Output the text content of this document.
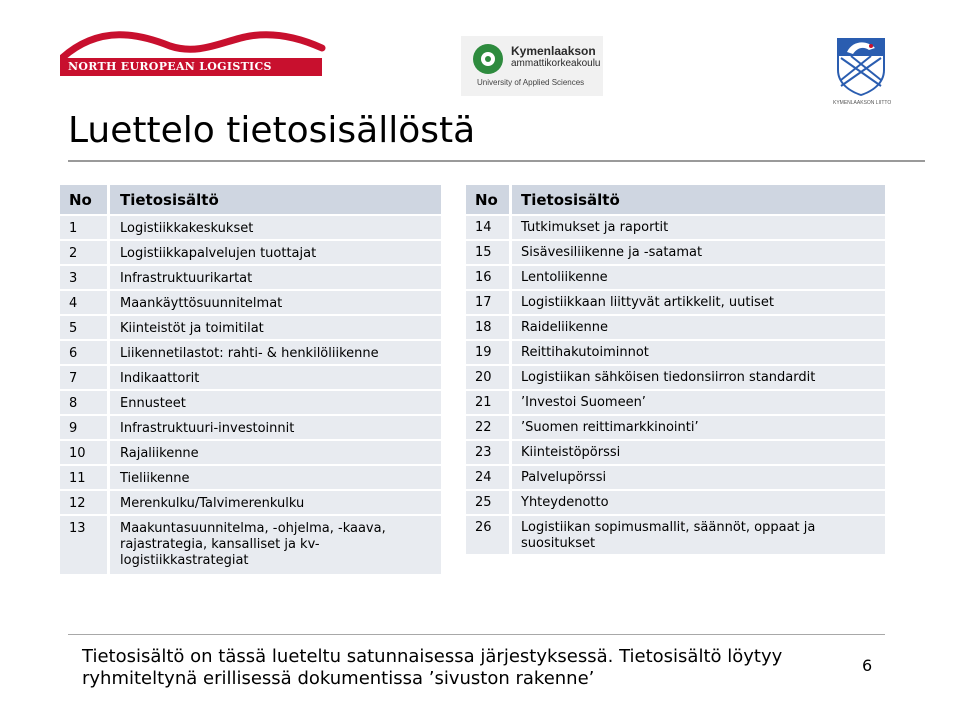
NORTH EUROPEAN LOGISTICS INSTITUTE
Kymenlaakson
ammattikorkeakoulu
University of Applied Sciences
KYMENLAAKSON LIITTO
Luettelo tietosisällöstä
No	Tietosisältö
1	Logistiikkakeskukset
2	Logistiikkapalvelujen tuottajat
3	Infrastruktuurikartat
4	Maankäyttösuunnitelmat
5	Kiinteistöt ja toimitilat
6	Liikennetilastot: rahti- & henkilöliikenne
7	Indikaattorit
8	Ennusteet
9	Infrastruktuuri-investoinnit
10	Rajaliikenne
11	Tieliikenne
12	Merenkulku/Talvimerenkulku
13	Maakuntasuunnitelma, -ohjelma, -kaava, rajastrategia, kansalliset ja kv-logistiikkastrategiat
No	Tietosisältö
14	Tutkimukset ja raportit
15	Sisävesiliikenne ja -satamat
16	Lentoliikenne
17	Logistiikkaan liittyvät artikkelit, uutiset
18	Raideliikenne
19	Reittihakutoiminnot
20	Logistiikan sähköisen tiedonsiirron standardit
21	’Investoi Suomeen’
22	’Suomen reittimarkkinointi’
23	Kiinteistöpörssi
24	Palvelupörssi
25	Yhteydenotto
26	Logistiikan sopimusmallit, säännöt, oppaat ja suositukset
Tietosisältö on tässä lueteltu satunnaisessa järjestyksessä. Tietosisältö löytyy ryhmiteltynä erillisessä dokumentissa ’sivuston rakenne’
6
